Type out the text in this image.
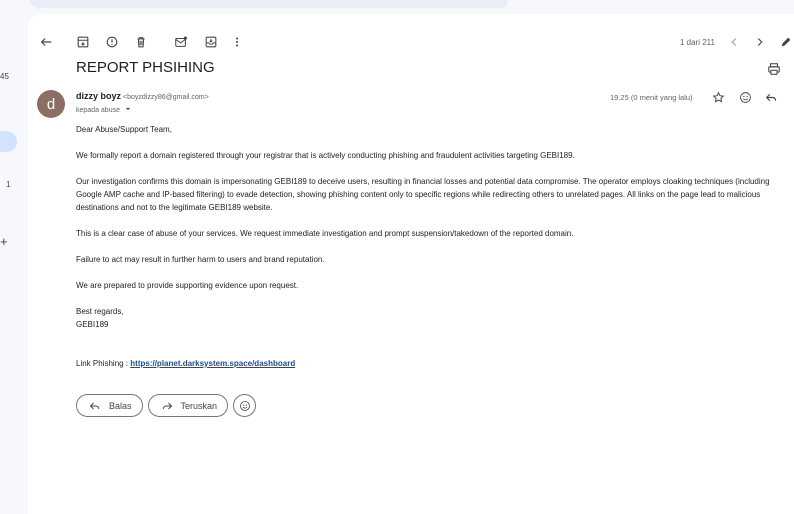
45
1
+
1 dari 211
REPORT PHSIHING
d	dizzy boyz <boyzdizzy86@gmail.com>
kepada abuse
19.25 (0 menit yang lalu)

Dear Abuse/Support Team,

We formally report a domain registered through your registrar that is actively conducting phishing and fraudulent activities targeting GEBI189.

Our investigation confirms this domain is impersonating GEBI189 to deceive users, resulting in financial losses and potential data compromise. The operator employs cloaking techniques (including Google AMP cache and IP-based filtering) to evade detection, showing phishing content only to specific regions while redirecting others to unrelated pages. All links on the page lead to malicious destinations and not to the legitimate GEBI189 website.

This is a clear case of abuse of your services. We request immediate investigation and prompt suspension/takedown of the reported domain.

Failure to act may result in further harm to users and brand reputation.

We are prepared to provide supporting evidence upon request.

Best regards,
GEBI189

Link Phishing : https://planet.darksystem.space/dashboard

Balas	Teruskan
